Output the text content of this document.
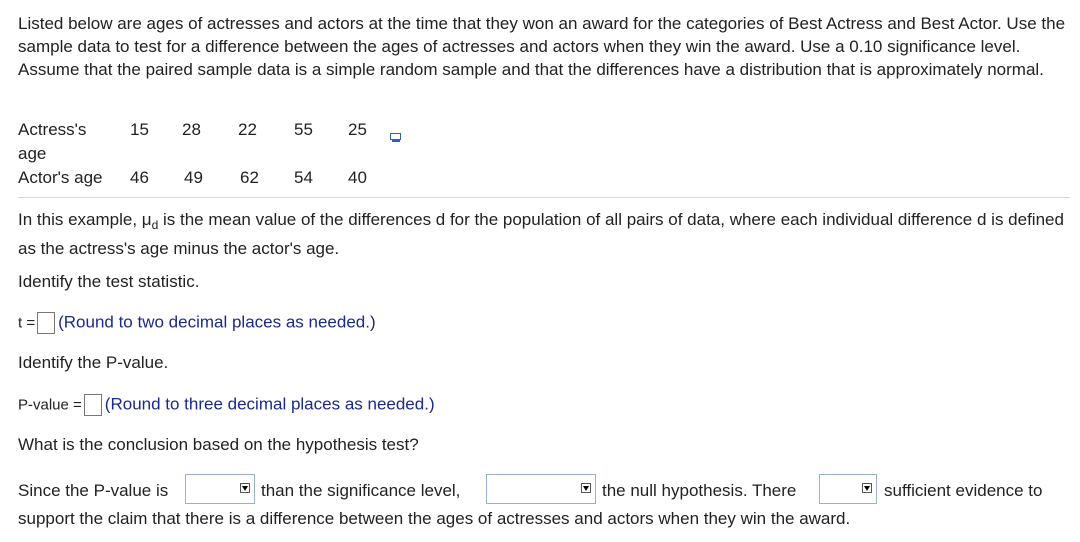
Listed below are ages of actresses and actors at the time that they won an award for the categories of Best Actress and Best Actor. Use the sample data to test for a difference between the ages of actresses and actors when they win the award. Use a 0.10 significance level. Assume that the paired sample data is a simple random sample and that the differences have a distribution that is approximately normal.
Actress's	15 28 22 55 25
age
Actor's age 46 49 62 54 40
In this example, $\mu_d$ is the mean value of the differences d for the population of all pairs of data, where each individual difference d is defined as the actress's age minus the actor's age.
Identify the test statistic.
t = (Round to two decimal places as needed.)
Identify the P-value.
P-value = (Round to three decimal places as needed.)
What is the conclusion based on the hypothesis test?
Since the P-value is	than the significance level,	the null hypothesis. There	sufficient evidence to
support the claim that there is a difference between the ages of actresses and actors when they win the award.
